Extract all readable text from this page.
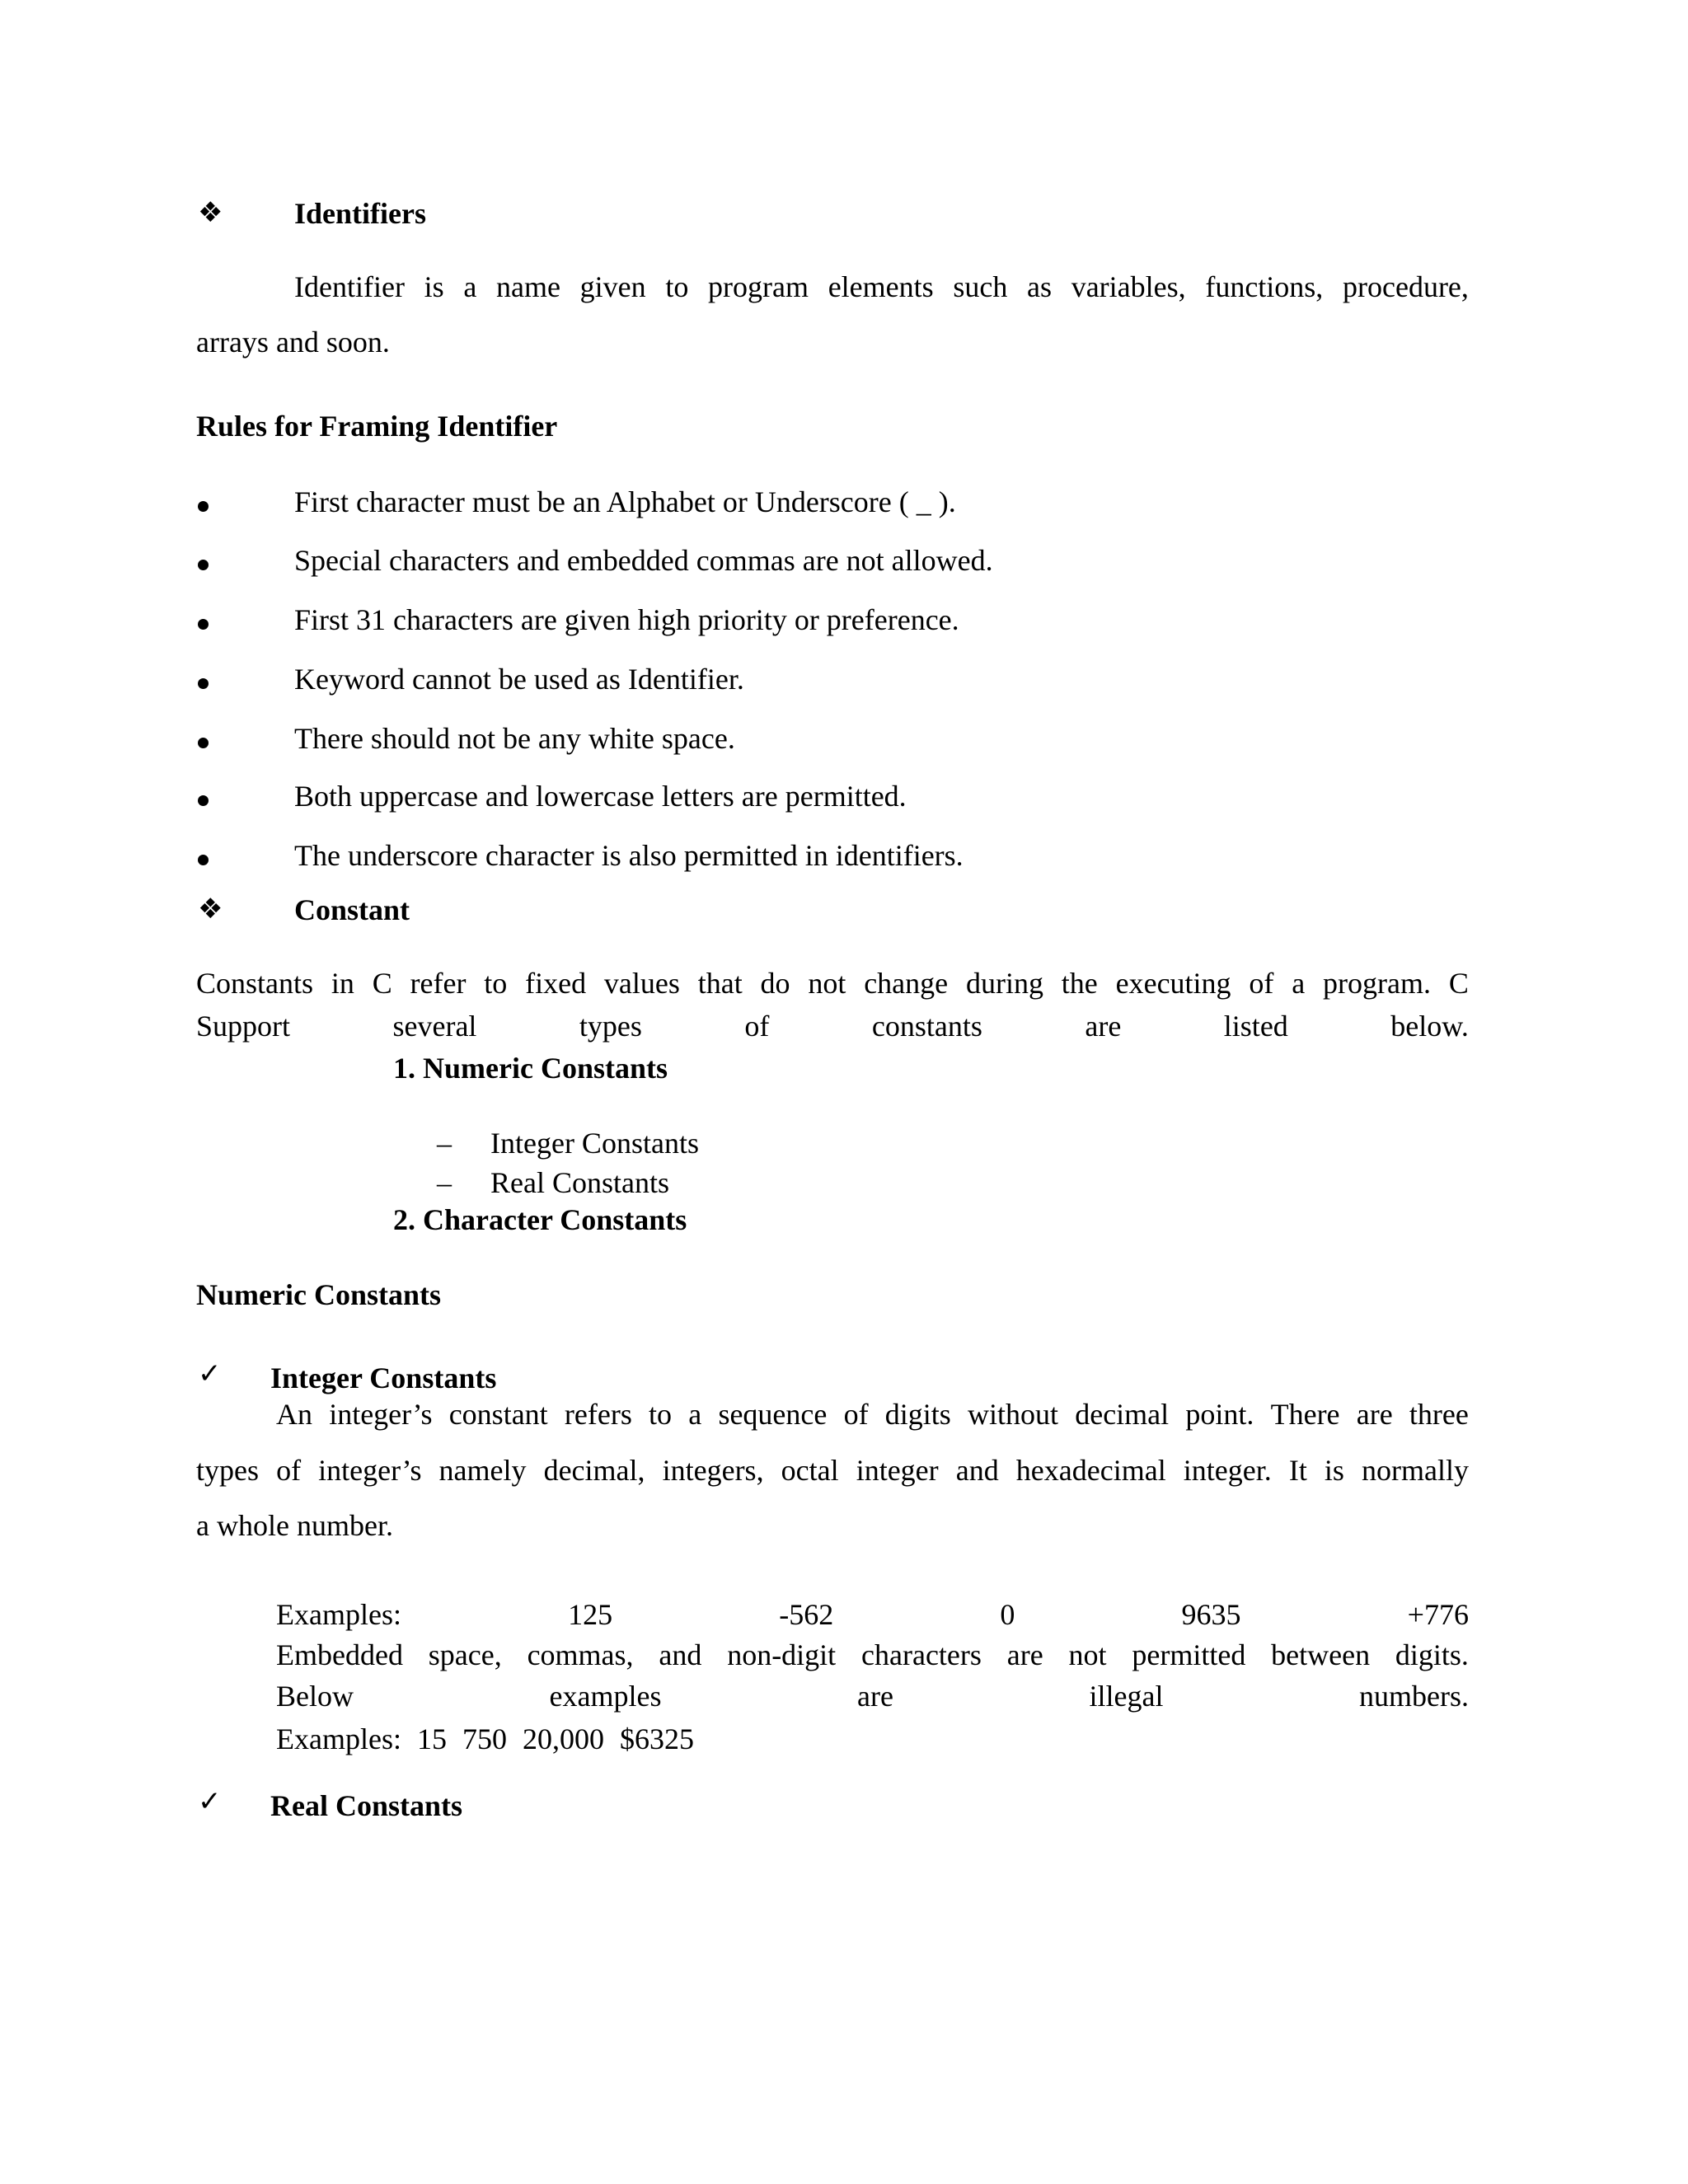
❖ Identifiers
Identifier is a name given to program elements such as variables, functions, procedure,
arrays and soon.
Rules for Framing Identifier
First character must be an Alphabet or Underscore ( _ ).
Special characters and embedded commas are not allowed.
First 31 characters are given high priority or preference.
Keyword cannot be used as Identifier.
There should not be any white space.
Both uppercase and lowercase letters are permitted.
The underscore character is also permitted in identifiers.
❖ Constant
Constants in C refer to fixed values that do not change during the executing of a program. C
Support	several	types	of	constants	are	listed	below.
1. Numeric Constants
– Integer Constants
– Real Constants
2. Character Constants
Numeric Constants
✓ Integer Constants
An integer’s constant refers to a sequence of digits without decimal point. There are three
types of integer’s namely decimal, integers, octal integer and hexadecimal integer. It is normally
a whole number.
Examples:	125	-562	0	9635	+776
Embedded space, commas, and non-digit characters are not permitted between digits.
Below	examples	are	illegal	numbers.
Examples: 15 750 20,000 $6325
✓ Real Constants
